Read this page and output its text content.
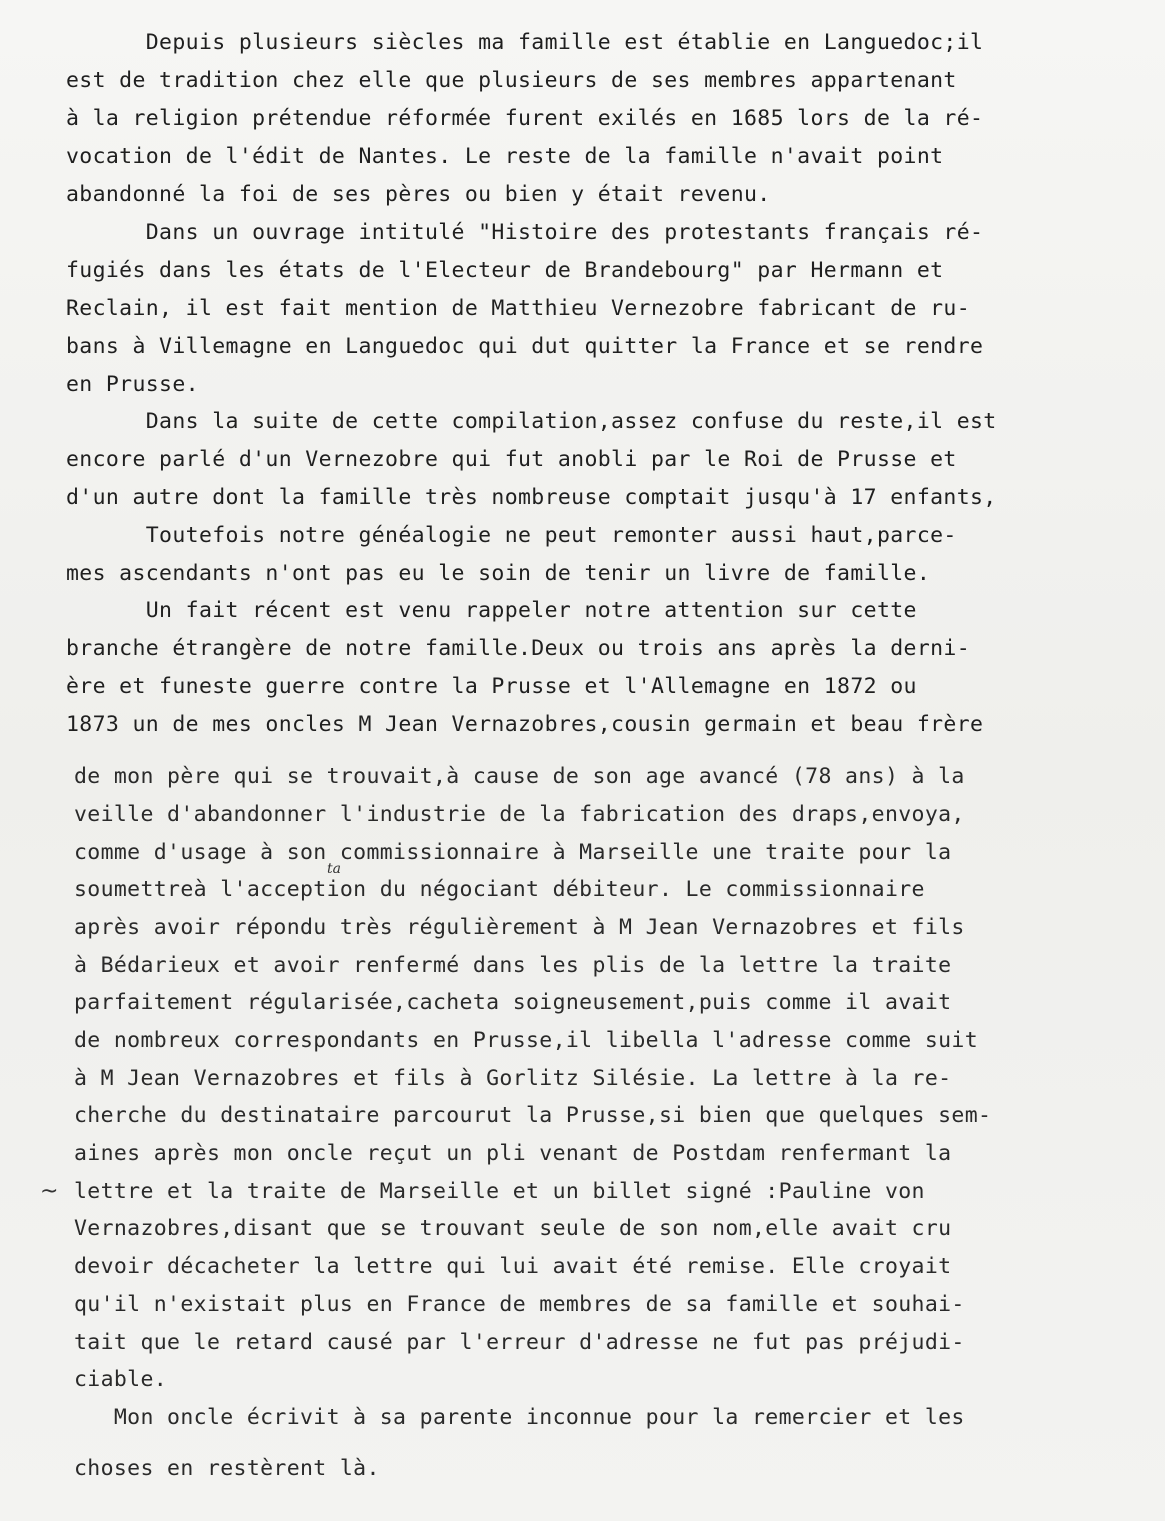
Depuis plusieurs siècles ma famille est établie en Languedoc;il
est de tradition chez elle que plusieurs de ses membres appartenant
à la religion prétendue réformée furent exilés en 1685 lors de la ré-
vocation de l'édit de Nantes. Le reste de la famille n'avait point
abandonné la foi de ses pères ou bien y était revenu.
Dans un ouvrage intitulé "Histoire des protestants français ré-
fugiés dans les états de l'Electeur de Brandebourg" par Hermann et
Reclain, il est fait mention de Matthieu Vernezobre fabricant de ru-
bans à Villemagne en Languedoc qui dut quitter la France et se rendre
en Prusse.
Dans la suite de cette compilation,assez confuse du reste,il est
encore parlé d'un Vernezobre qui fut anobli par le Roi de Prusse et
d'un autre dont la famille très nombreuse comptait jusqu'à 17 enfants,
Toutefois notre généalogie ne peut remonter aussi haut,parce-
mes ascendants n'ont pas eu le soin de tenir un livre de famille.
Un fait récent est venu rappeler notre attention sur cette
branche étrangère de notre famille.Deux ou trois ans après la derni-
ère et funeste guerre contre la Prusse et l'Allemagne en 1872 ou
1873 un de mes oncles M Jean Vernazobres,cousin germain et beau frère
de mon père qui se trouvait,à cause de son age avancé (78 ans) à la
veille d'abandonner l'industrie de la fabrication des draps,envoya,
comme d'usage à son commissionnaire à Marseille une traite pour la
soumettreà l'acception du négociant débiteur. Le commissionnaire
après avoir répondu très régulièrement à M Jean Vernazobres et fils
à Bédarieux et avoir renfermé dans les plis de la lettre la traite
parfaitement régularisée,cacheta soigneusement,puis comme il avait
de nombreux correspondants en Prusse,il libella l'adresse comme suit
à M Jean Vernazobres et fils à Gorlitz Silésie. La lettre à la re-
cherche du destinataire parcourut la Prusse,si bien que quelques sem-
aines après mon oncle reçut un pli venant de Postdam renfermant la
lettre et la traite de Marseille et un billet signé :Pauline von
Vernazobres,disant que se trouvant seule de son nom,elle avait cru
devoir décacheter la lettre qui lui avait été remise. Elle croyait
qu'il n'existait plus en France de membres de sa famille et souhai-
tait que le retard causé par l'erreur d'adresse ne fut pas préjudi-
ciable.
Mon oncle écrivit à sa parente inconnue pour la remercier et les
choses en restèrent là.
ta
~
